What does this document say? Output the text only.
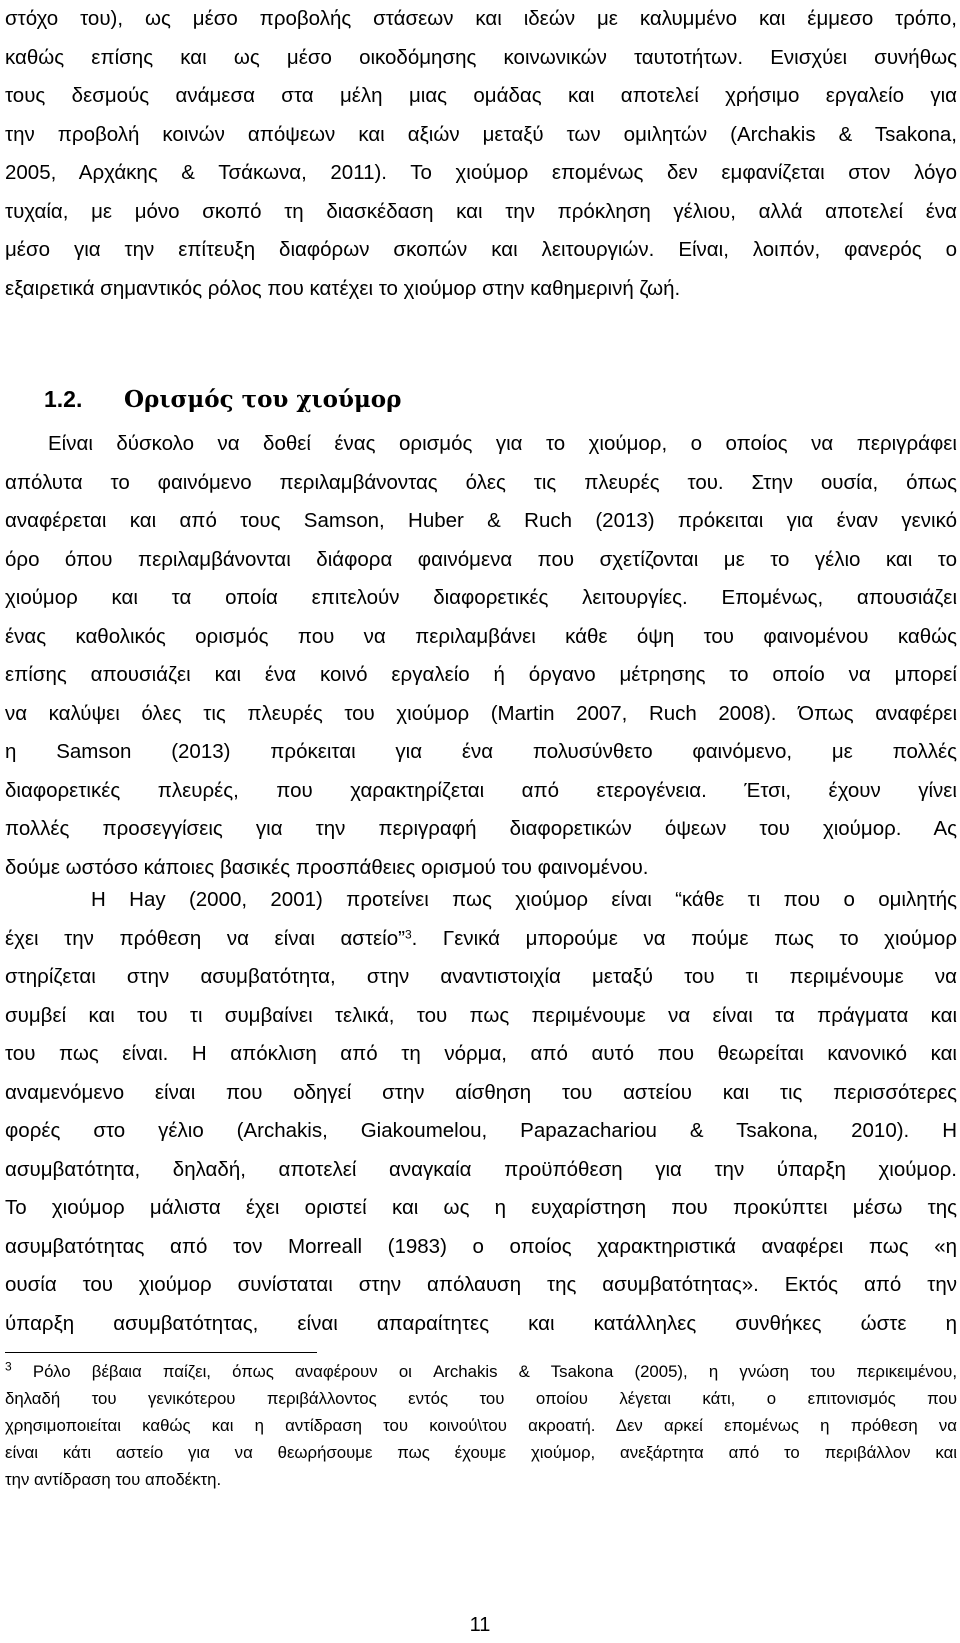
στόχο του), ως μέσο προβολής στάσεων και ιδεών με καλυμμένο και έμμεσο τρόπο,
καθώς επίσης και ως μέσο οικοδόμησης κοινωνικών ταυτοτήτων. Ενισχύει συνήθως
τους δεσμούς ανάμεσα στα μέλη μιας ομάδας και αποτελεί χρήσιμο εργαλείο για
την προβολή κοινών απόψεων και αξιών μεταξύ των ομιλητών (Archakis & Tsakona,
2005, Αρχάκης & Τσάκωνα, 2011). Το χιούμορ επομένως δεν εμφανίζεται στον λόγο
τυχαία, με μόνο σκοπό τη διασκέδαση και την πρόκληση γέλιου, αλλά αποτελεί ένα
μέσο για την επίτευξη διαφόρων σκοπών και λειτουργιών. Είναι, λοιπόν, φανερός ο
εξαιρετικά σημαντικός ρόλος που κατέχει το χιούμορ στην καθημερινή ζωή.
1.2. Ορισμός του χιούμορ
Είναι δύσκολο να δοθεί ένας ορισμός για το χιούμορ, ο οποίος να περιγράφει
απόλυτα το φαινόμενο περιλαμβάνοντας όλες τις πλευρές του. Στην ουσία, όπως
αναφέρεται και από τους Samson, Huber & Ruch (2013) πρόκειται για έναν γενικό
όρο όπου περιλαμβάνονται διάφορα φαινόμενα που σχετίζονται με το γέλιο και το
χιούμορ και τα οποία επιτελούν διαφορετικές λειτουργίες. Επομένως, απουσιάζει
ένας καθολικός ορισμός που να περιλαμβάνει κάθε όψη του φαινομένου καθώς
επίσης απουσιάζει και ένα κοινό εργαλείο ή όργανο μέτρησης το οποίο να μπορεί
να καλύψει όλες τις πλευρές του χιούμορ (Martin 2007, Ruch 2008). Όπως αναφέρει
η Samson (2013) πρόκειται για ένα πολυσύνθετο φαινόμενο, με πολλές
διαφορετικές πλευρές, που χαρακτηρίζεται από ετερογένεια. Έτσι, έχουν γίνει
πολλές προσεγγίσεις για την περιγραφή διαφορετικών όψεων του χιούμορ. Ας
δούμε ωστόσο κάποιες βασικές προσπάθειες ορισμού του φαινομένου.
Η Hay (2000, 2001) προτείνει πως χιούμορ είναι “κάθε τι που ο ομιλητής
έχει την πρόθεση να είναι αστείο”$^3$. Γενικά μπορούμε να πούμε πως το χιούμορ
στηρίζεται στην ασυμβατότητα, στην αναντιστοιχία μεταξύ του τι περιμένουμε να
συμβεί και του τι συμβαίνει τελικά, του πως περιμένουμε να είναι τα πράγματα και
του πως είναι. Η απόκλιση από τη νόρμα, από αυτό που θεωρείται κανονικό και
αναμενόμενο είναι που οδηγεί στην αίσθηση του αστείου και τις περισσότερες
φορές στο γέλιο (Archakis, Giakoumelou, Papazachariou & Tsakona, 2010). Η
ασυμβατότητα, δηλαδή, αποτελεί αναγκαία προϋπόθεση για την ύπαρξη χιούμορ.
Το χιούμορ μάλιστα έχει οριστεί και ως η ευχαρίστηση που προκύπτει μέσω της
ασυμβατότητας από τον Morreall (1983) ο οποίος χαρακτηριστικά αναφέρει πως «η
ουσία του χιούμορ συνίσταται στην απόλαυση της ασυμβατότητας». Εκτός από την
ύπαρξη ασυμβατότητας, είναι απαραίτητες και κατάλληλες συνθήκες ώστε η
$^3$ Ρόλο βέβαια παίζει, όπως αναφέρουν οι Archakis & Tsakona (2005), η γνώση του περικειμένου,
δηλαδή του γενικότερου περιβάλλοντος εντός του οποίου λέγεται κάτι, ο επιτονισμός που
χρησιμοποιείται καθώς και η αντίδραση του κοινού\του ακροατή. Δεν αρκεί επομένως η πρόθεση να
είναι κάτι αστείο για να θεωρήσουμε πως έχουμε χιούμορ, ανεξάρτητα από το περιβάλλον και
την αντίδραση του αποδέκτη.
11
